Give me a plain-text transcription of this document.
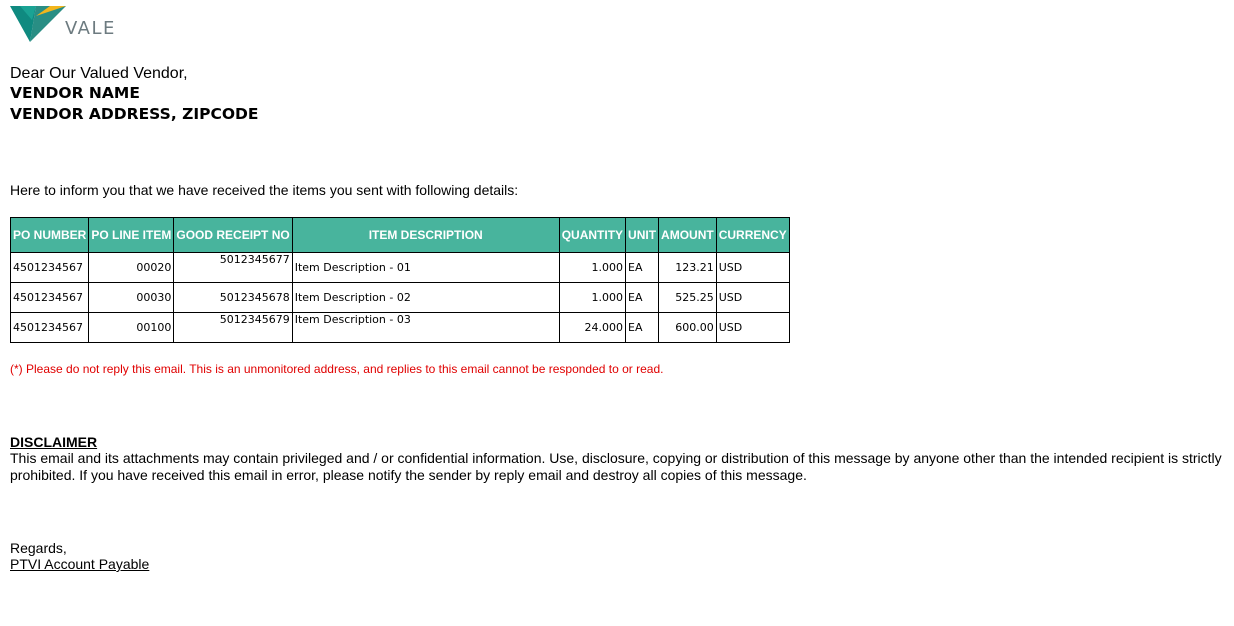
VALE
Dear Our Valued Vendor,
VENDOR NAME
VENDOR ADDRESS, ZIPCODE
Here to inform you that we have received the items you sent with following details:
PO NUMBER	PO LINE ITEM	GOOD RECEIPT NO	ITEM DESCRIPTION	QUANTITY	UNIT	AMOUNT	CURRENCY
4501234567	00020	5012345677	Item Description - 01	1.000	EA	123.21	USD
4501234567	00030	5012345678	Item Description - 02	1.000	EA	525.25	USD
4501234567	00100	5012345679	Item Description - 03	24.000	EA	600.00	USD
(*) Please do not reply this email. This is an unmonitored address, and replies to this email cannot be responded to or read.
DISCLAIMER
This email and its attachments may contain privileged and / or confidential information. Use, disclosure, copying or distribution of this message by anyone other than the intended recipient is strictly prohibited. If you have received this email in error, please notify the sender by reply email and destroy all copies of this message.
Regards,
PTVI Account Payable
